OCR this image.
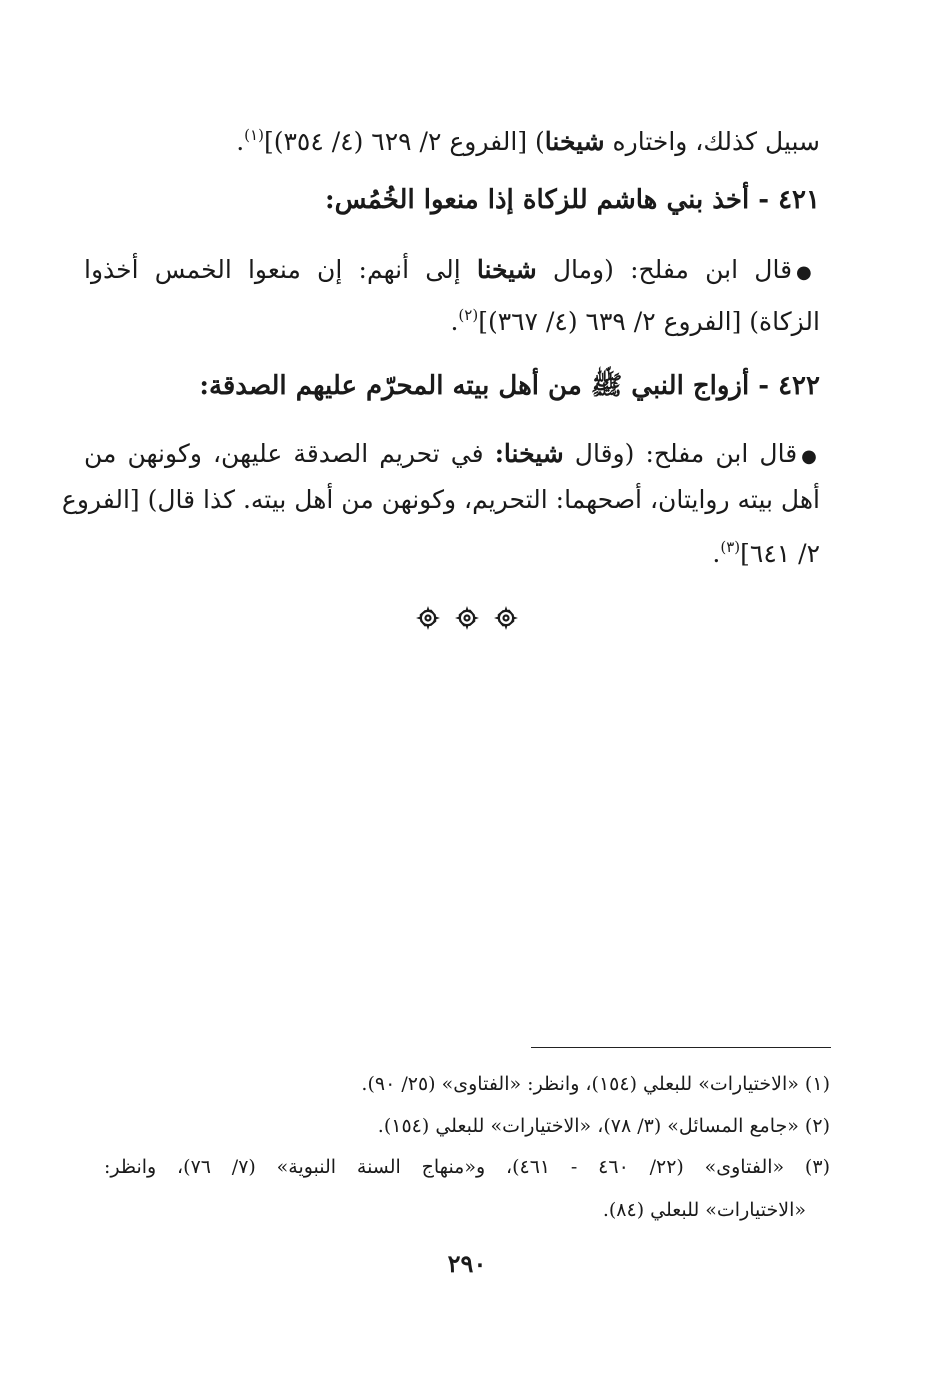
سبيل كذلك، واختاره شيخنا) [الفروع ٢/ ٦٢٩ (٤/ ٣٥٤)]$^{(١)}$.
٤٢١ - أخذ بني هاشم للزكاة إذا منعوا الخُمُس:
●قال ابن مفلح: (ومال شيخنا إلى أنهم: إن منعوا الخمس أخذوا
الزكاة) [الفروع ٢/ ٦٣٩ (٤/ ٣٦٧)]$^{(٢)}$.
٤٢٢ - أزواج النبي ﷺ من أهل بيته المحرّم عليهم الصدقة:
●قال ابن مفلح: (وقال شيخنا: في تحريم الصدقة عليهن، وكونهن من
أهل بيته روايتان، أصحهما: التحريم، وكونهن من أهل بيته. كذا قال) [الفروع
٢/ ٦٤١]$^{(٣)}$.

(١) «الاختيارات» للبعلي (١٥٤)، وانظر: «الفتاوى» (٢٥/ ٩٠).
(٢) «جامع المسائل» (٣/ ٧٨)، «الاختيارات» للبعلي (١٥٤).
(٣) «الفتاوى» (٢٢/ ٤٦٠ - ٤٦١)، و«منهاج السنة النبوية» (٧/ ٧٦)، وانظر:
«الاختيارات» للبعلي (٨٤).
٢٩٠
